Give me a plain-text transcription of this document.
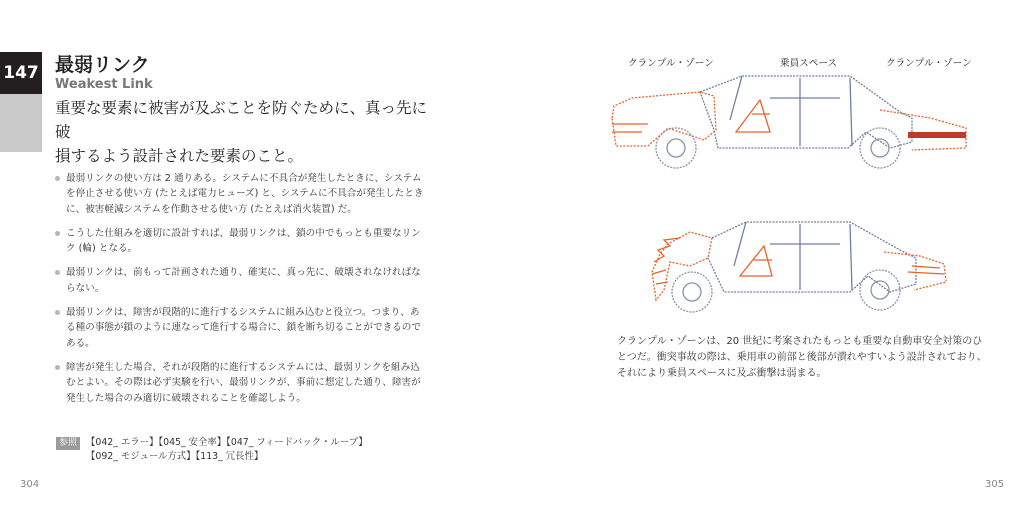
147 最弱リンク
Weakest Link
重要な要素に被害が及ぶことを防ぐために、真っ先に破
損するよう設計された要素のこと。
最弱リンクの使い方は 2 通りある。システムに不具合が発生したときに、システムを停止させる使い方 (たとえば電力ヒューズ) と、システムに不具合が発生したときに、被害軽減システムを作動させる使い方 (たとえば消火装置) だ。
こうした仕組みを適切に設計すれば、最弱リンクは、鎖の中でもっとも重要なリンク (輪) となる。
最弱リンクは、前もって計画された通り、確実に、真っ先に、破壊されなければならない。
最弱リンクは、障害が段階的に進行するシステムに組み込むと役立つ。つまり、ある種の事態が鎖のように連なって進行する場合に、鎖を断ち切ることができるのである。
障害が発生した場合、それが段階的に進行するシステムには、最弱リンクを組み込むとよい。その際は必ず実験を行い、最弱リンクが、事前に想定した通り、障害が発生した場合のみ適切に破壊されることを確認しよう。
参照 【042_ エラー】【045_ 安全率】【047_ フィードバック・ループ】
【092_ モジュール方式】【113_ 冗長性】
304
クランプル・ゾーン	乗員スペース	クランプル・ゾーン
クランプル・ゾーンは、20 世紀に考案されたもっとも重要な自動車安全対策のひ
とつだ。衝突事故の際は、乗用車の前部と後部が潰れやすいよう設計されており、
それにより乗員スペースに及ぶ衝撃は弱まる。
305
